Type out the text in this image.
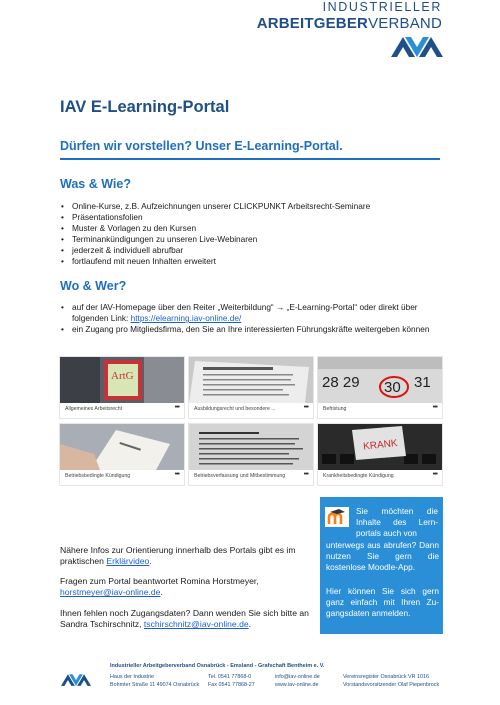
INDUSTRIELLER
ARBEITGEBERVERBAND
IAV E-Learning-Portal
Dürfen wir vorstellen? Unser E-Learning-Portal.
Was & Wie?
• Online-Kurse, z.B. Aufzeichnungen unserer CLICKPUNKT Arbeitsrecht-Seminare
• Präsentationsfolien
• Muster & Vorlagen zu den Kursen
• Terminankündigungen zu unseren Live-Webinaren
• jederzeit & individuell abrufbar
• fortlaufend mit neuen Inhalten erweitert
Wo & Wer?
• auf der IAV-Homepage über den Reiter „Weiterbildung“ → „E-Learning-Portal“ oder direkt über folgenden Link: https://elearning.iav-online.de/
• ein Zugang pro Mitgliedsfirma, den Sie an Ihre interessierten Führungskräfte weitergeben können
ArtG
Allgemeines Arbeitsrecht	•••	Ausbildungsrecht und besondere ...	•••
28 29 30 31
Befristung	•••
Betriebsbedingte Kündigung	•••	Betriebsverfassung und Mitbestimmung	•••
KRANK
Krankheitsbedingte Kündigung	•••
Nähere Infos zur Orientierung innerhalb des Portals gibt es im praktischen Erklärvideo.
Fragen zum Portal beantwortet Romina Horstmeyer, horstmeyer@iav-online.de.
Ihnen fehlen noch Zugangsdaten? Dann wenden Sie sich bitte an Sandra Tschirschnitz, tschirschnitz@iav-online.de.
Sie möchten die Inhalte des Lern-portals auch von
unterwegs aus abrufen? Dann nutzen Sie gern die kostenlose Moodle-App.
Hier können Sie sich gern ganz einfach mit Ihren Zu-gangsdaten anmelden.
Industrieller Arbeitgeberverband Osnabrück - Emsland - Grafschaft Bentheim e. V.
Haus der Industrie
Bohmter Straße 11 49074 Osnabrück
Tel. 0541 77868-0
Fax 0541 77868-27
info@iav-online.de
www.iav-online.de
Vereinsregister Osnabrück VR 1016
Vorstandsvorsitzender Olaf Piepenbrock
